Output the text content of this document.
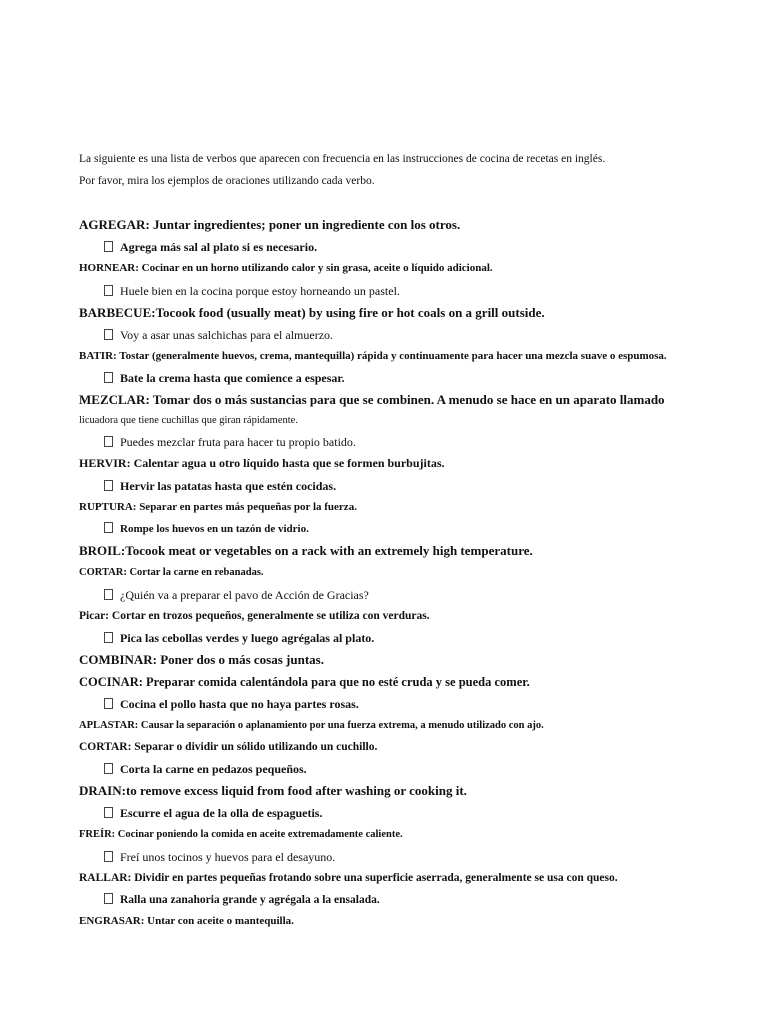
La siguiente es una lista de verbos que aparecen con frecuencia en las instrucciones de cocina de recetas en inglés.

Por favor, mira los ejemplos de oraciones utilizando cada verbo.

AGREGAR: Juntar ingredientes; poner un ingrediente con los otros.
Agrega más sal al plato si es necesario.
HORNEAR: Cocinar en un horno utilizando calor y sin grasa, aceite o líquido adicional.
Huele bien en la cocina porque estoy horneando un pastel.
BARBECUE:Tocook food (usually meat) by using fire or hot coals on a grill outside.
Voy a asar unas salchichas para el almuerzo.
BATIR: Tostar (generalmente huevos, crema, mantequilla) rápida y continuamente para hacer una mezcla suave o espumosa.
Bate la crema hasta que comience a espesar.
MEZCLAR: Tomar dos o más sustancias para que se combinen. A menudo se hace en un aparato llamado
licuadora que tiene cuchillas que giran rápidamente.
Puedes mezclar fruta para hacer tu propio batido.
HERVIR: Calentar agua u otro líquido hasta que se formen burbujitas.
Hervir las patatas hasta que estén cocidas.
RUPTURA: Separar en partes más pequeñas por la fuerza.
Rompe los huevos en un tazón de vidrio.
BROIL:Tocook meat or vegetables on a rack with an extremely high temperature.
CORTAR: Cortar la carne en rebanadas.
¿Quién va a preparar el pavo de Acción de Gracias?
Picar: Cortar en trozos pequeños, generalmente se utiliza con verduras.
Pica las cebollas verdes y luego agrégalas al plato.
COMBINAR: Poner dos o más cosas juntas.
COCINAR: Preparar comida calentándola para que no esté cruda y se pueda comer.
Cocina el pollo hasta que no haya partes rosas.
APLASTAR: Causar la separación o aplanamiento por una fuerza extrema, a menudo utilizado con ajo.
CORTAR: Separar o dividir un sólido utilizando un cuchillo.
Corta la carne en pedazos pequeños.
DRAIN:to remove excess liquid from food after washing or cooking it.
Escurre el agua de la olla de espaguetis.
FREÍR: Cocinar poniendo la comida en aceite extremadamente caliente.
Freí unos tocinos y huevos para el desayuno.
RALLAR: Dividir en partes pequeñas frotando sobre una superficie aserrada, generalmente se usa con queso.
Ralla una zanahoria grande y agrégala a la ensalada.
ENGRASAR: Untar con aceite o mantequilla.
